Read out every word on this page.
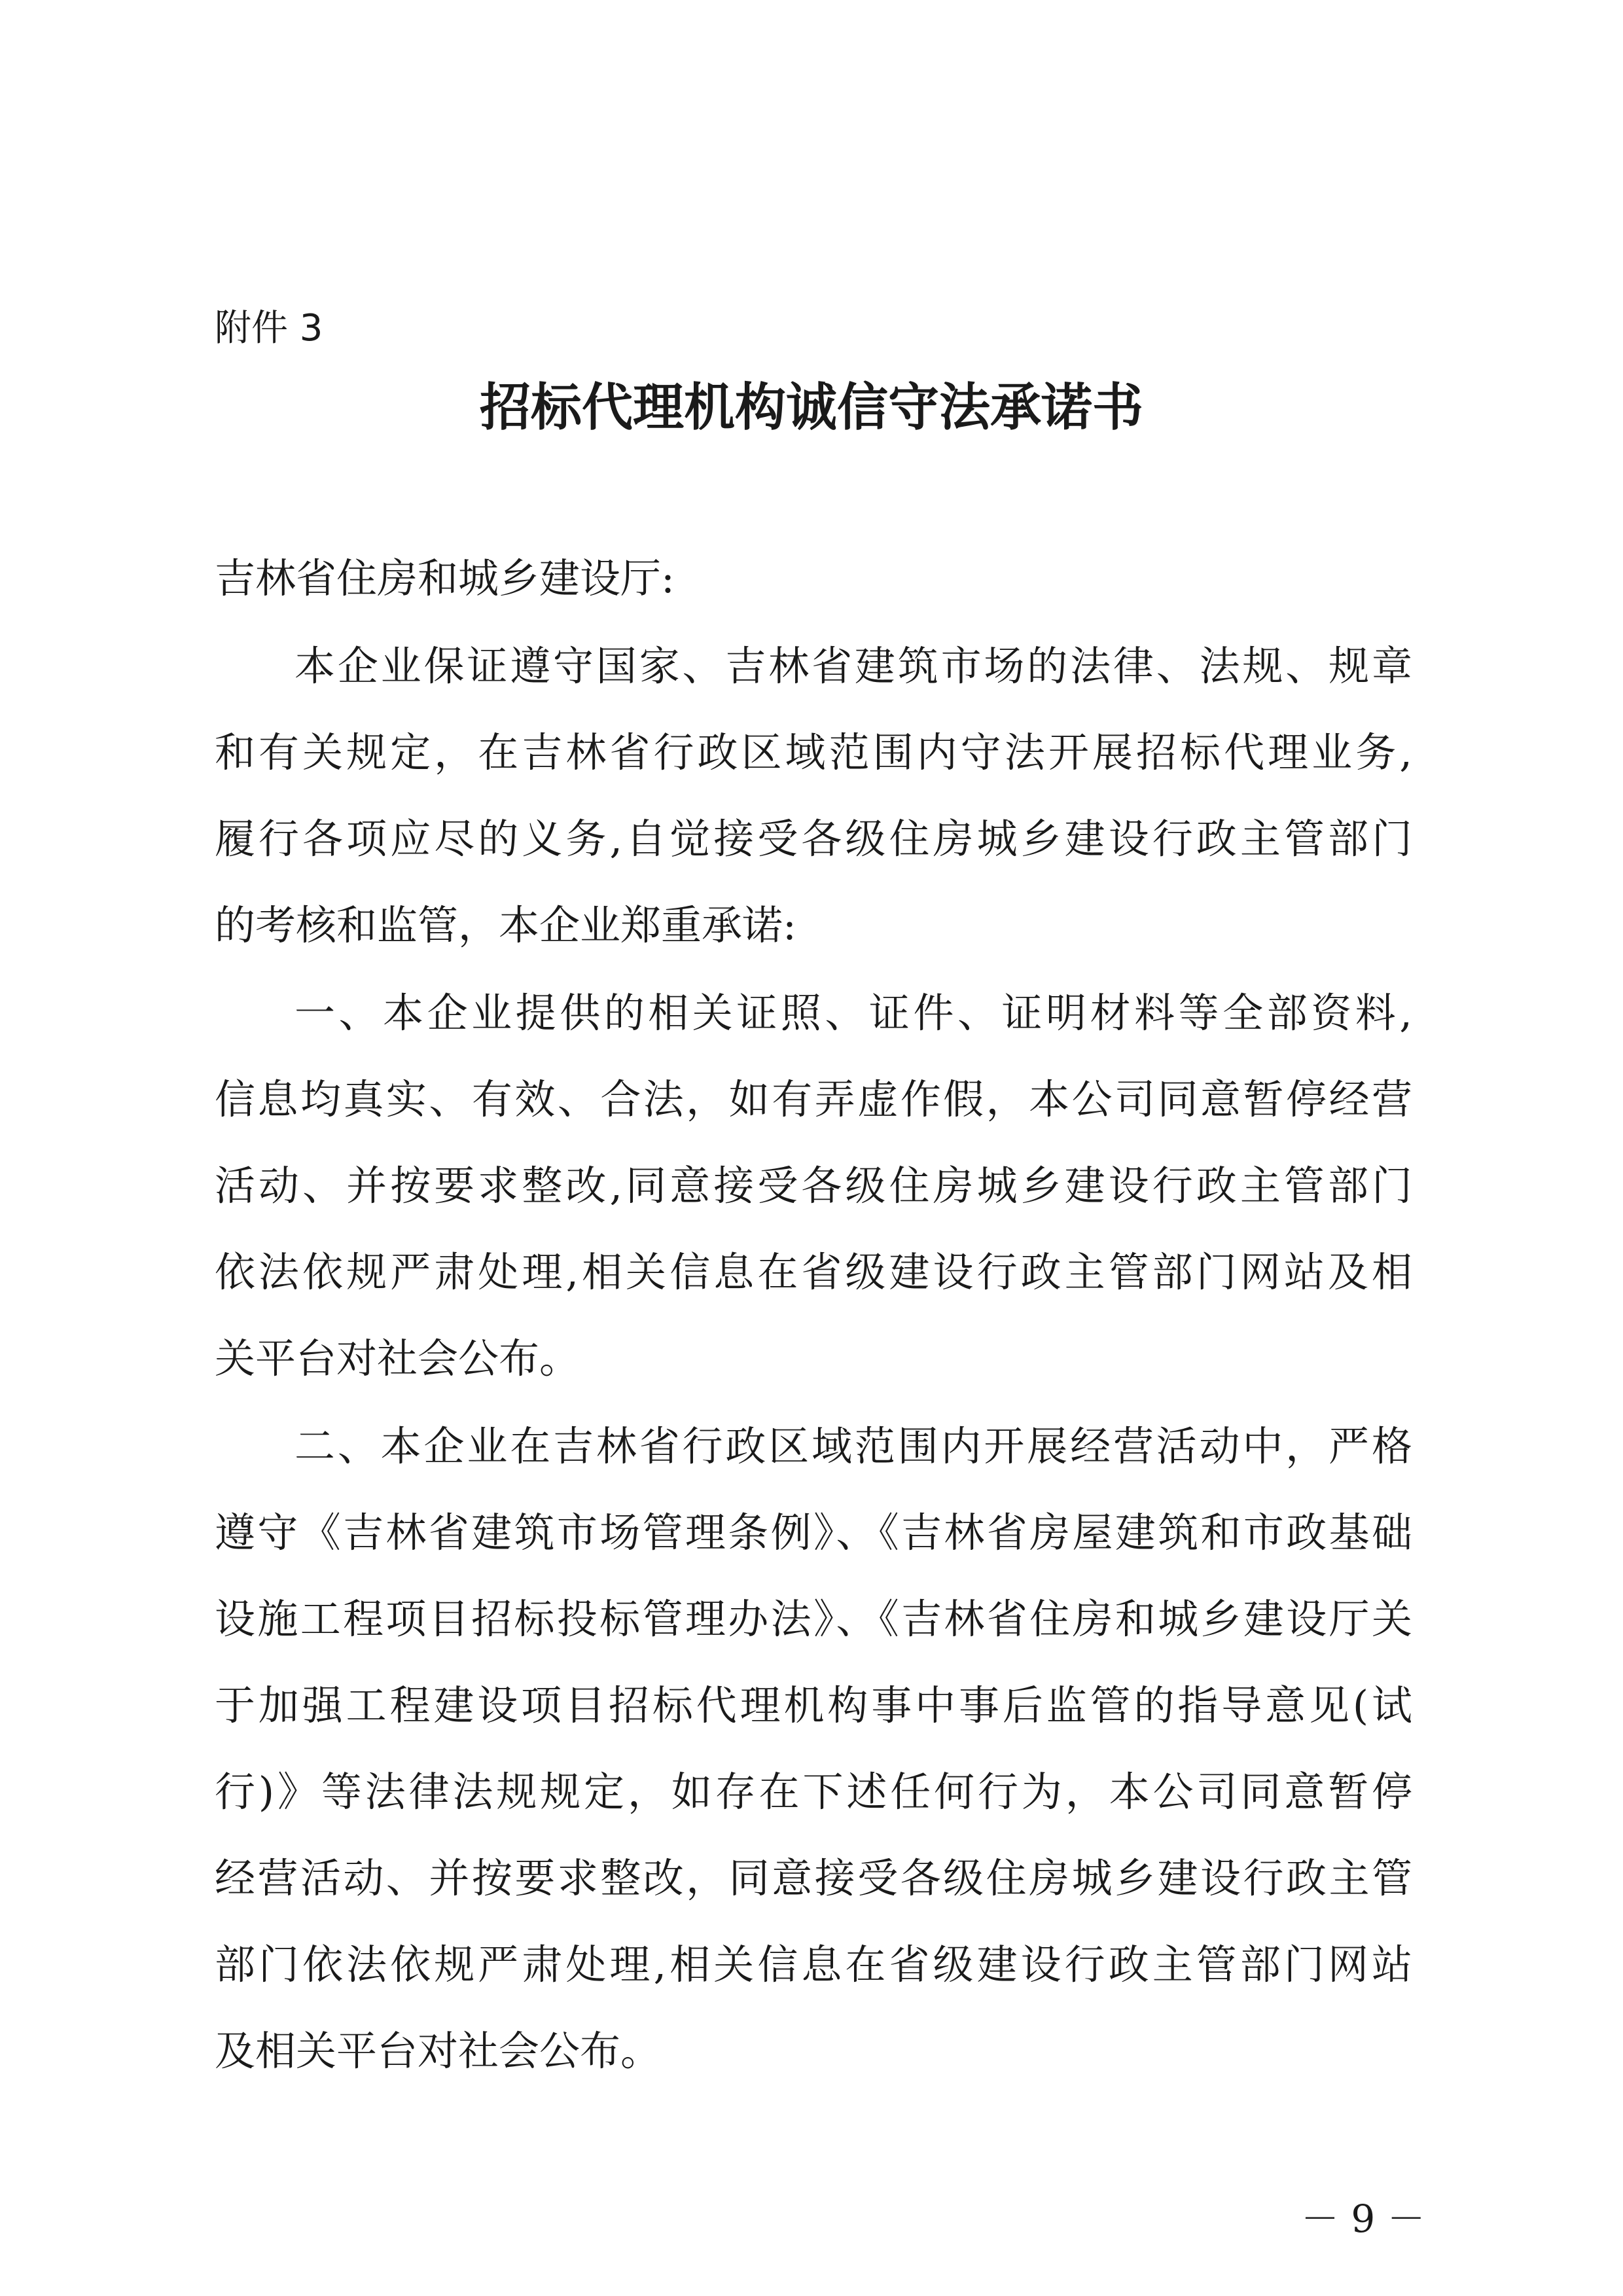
附件 3
招标代理机构诚信守法承诺书
吉林省住房和城乡建设厅:
本企业保证遵守国家、吉林省建筑市场的法律、法规、规章
和有关规定，在吉林省行政区域范围内守法开展招标代理业务,
履行各项应尽的义务,自觉接受各级住房城乡建设行政主管部门
的考核和监管，本企业郑重承诺:
一、本企业提供的相关证照、证件、证明材料等全部资料,
信息均真实、有效、合法，如有弄虚作假，本公司同意暂停经营
活动、并按要求整改,同意接受各级住房城乡建设行政主管部门
依法依规严肃处理,相关信息在省级建设行政主管部门网站及相
关平台对社会公布。
二、本企业在吉林省行政区域范围内开展经营活动中，严格
遵守《吉林省建筑市场管理条例》、《吉林省房屋建筑和市政基础
设施工程项目招标投标管理办法》、《吉林省住房和城乡建设厅关
于加强工程建设项目招标代理机构事中事后监管的指导意见(试
行)》等法律法规规定，如存在下述任何行为，本公司同意暂停
经营活动、并按要求整改，同意接受各级住房城乡建设行政主管
部门依法依规严肃处理,相关信息在省级建设行政主管部门网站
及相关平台对社会公布。
－ 9 －
